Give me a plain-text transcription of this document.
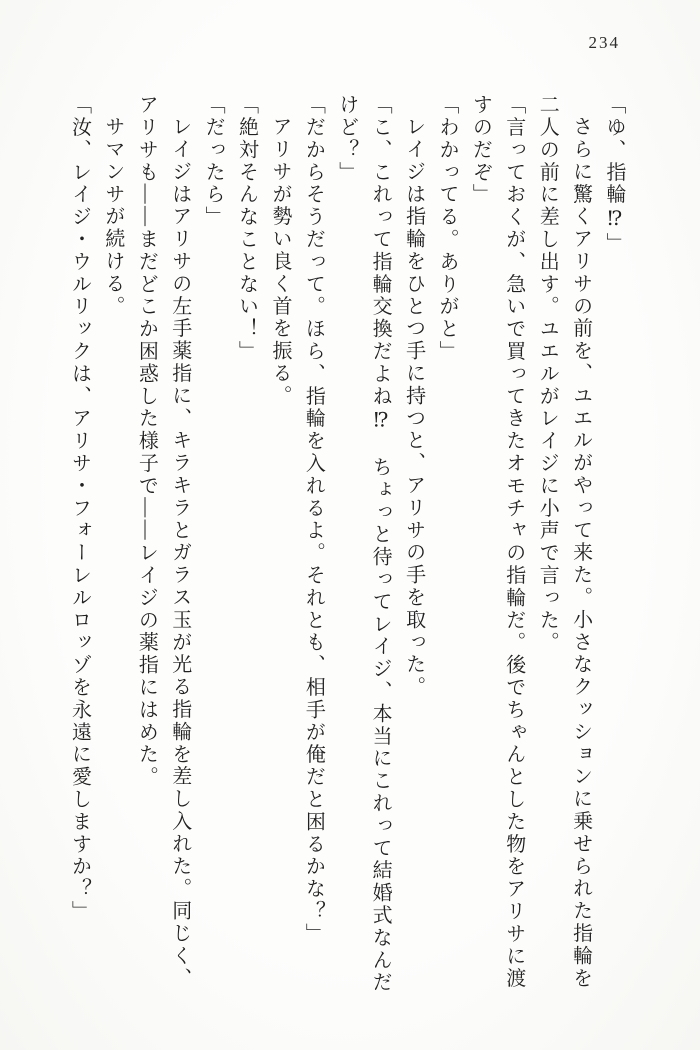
234

「ゆ、指輪⁉」

さらに驚くアリサの前を、ユエルがやって来た。小さなクッションに乗せられた指輪を二人の前に差し出す。ユエルがレイジに小声で言った。

「言っておくが、急いで買ってきたオモチャの指輪だ。後でちゃんとした物をアリサに渡すのだぞ」

「わかってる。ありがと」

レイジは指輪をひとつ手に持つと、アリサの手を取った。

「こ、これって指輪交換だよね⁉　ちょっと待ってレイジ、本当にこれって結婚式なんだけど？」

「だからそうだって。ほら、指輪を入れるよ。それとも、相手が俺だと困るかな？」

アリサが勢い良く首を振る。

「絶対そんなことない！」

「だったら」

レイジはアリサの左手薬指に、キラキラとガラス玉が光る指輪を差し入れた。同じく、アリサも――まだどこか困惑した様子で――レイジの薬指にはめた。

サマンサが続ける。

「汝、レイジ・ウルリックは、アリサ・フォーレルロッゾを永遠に愛しますか？」
